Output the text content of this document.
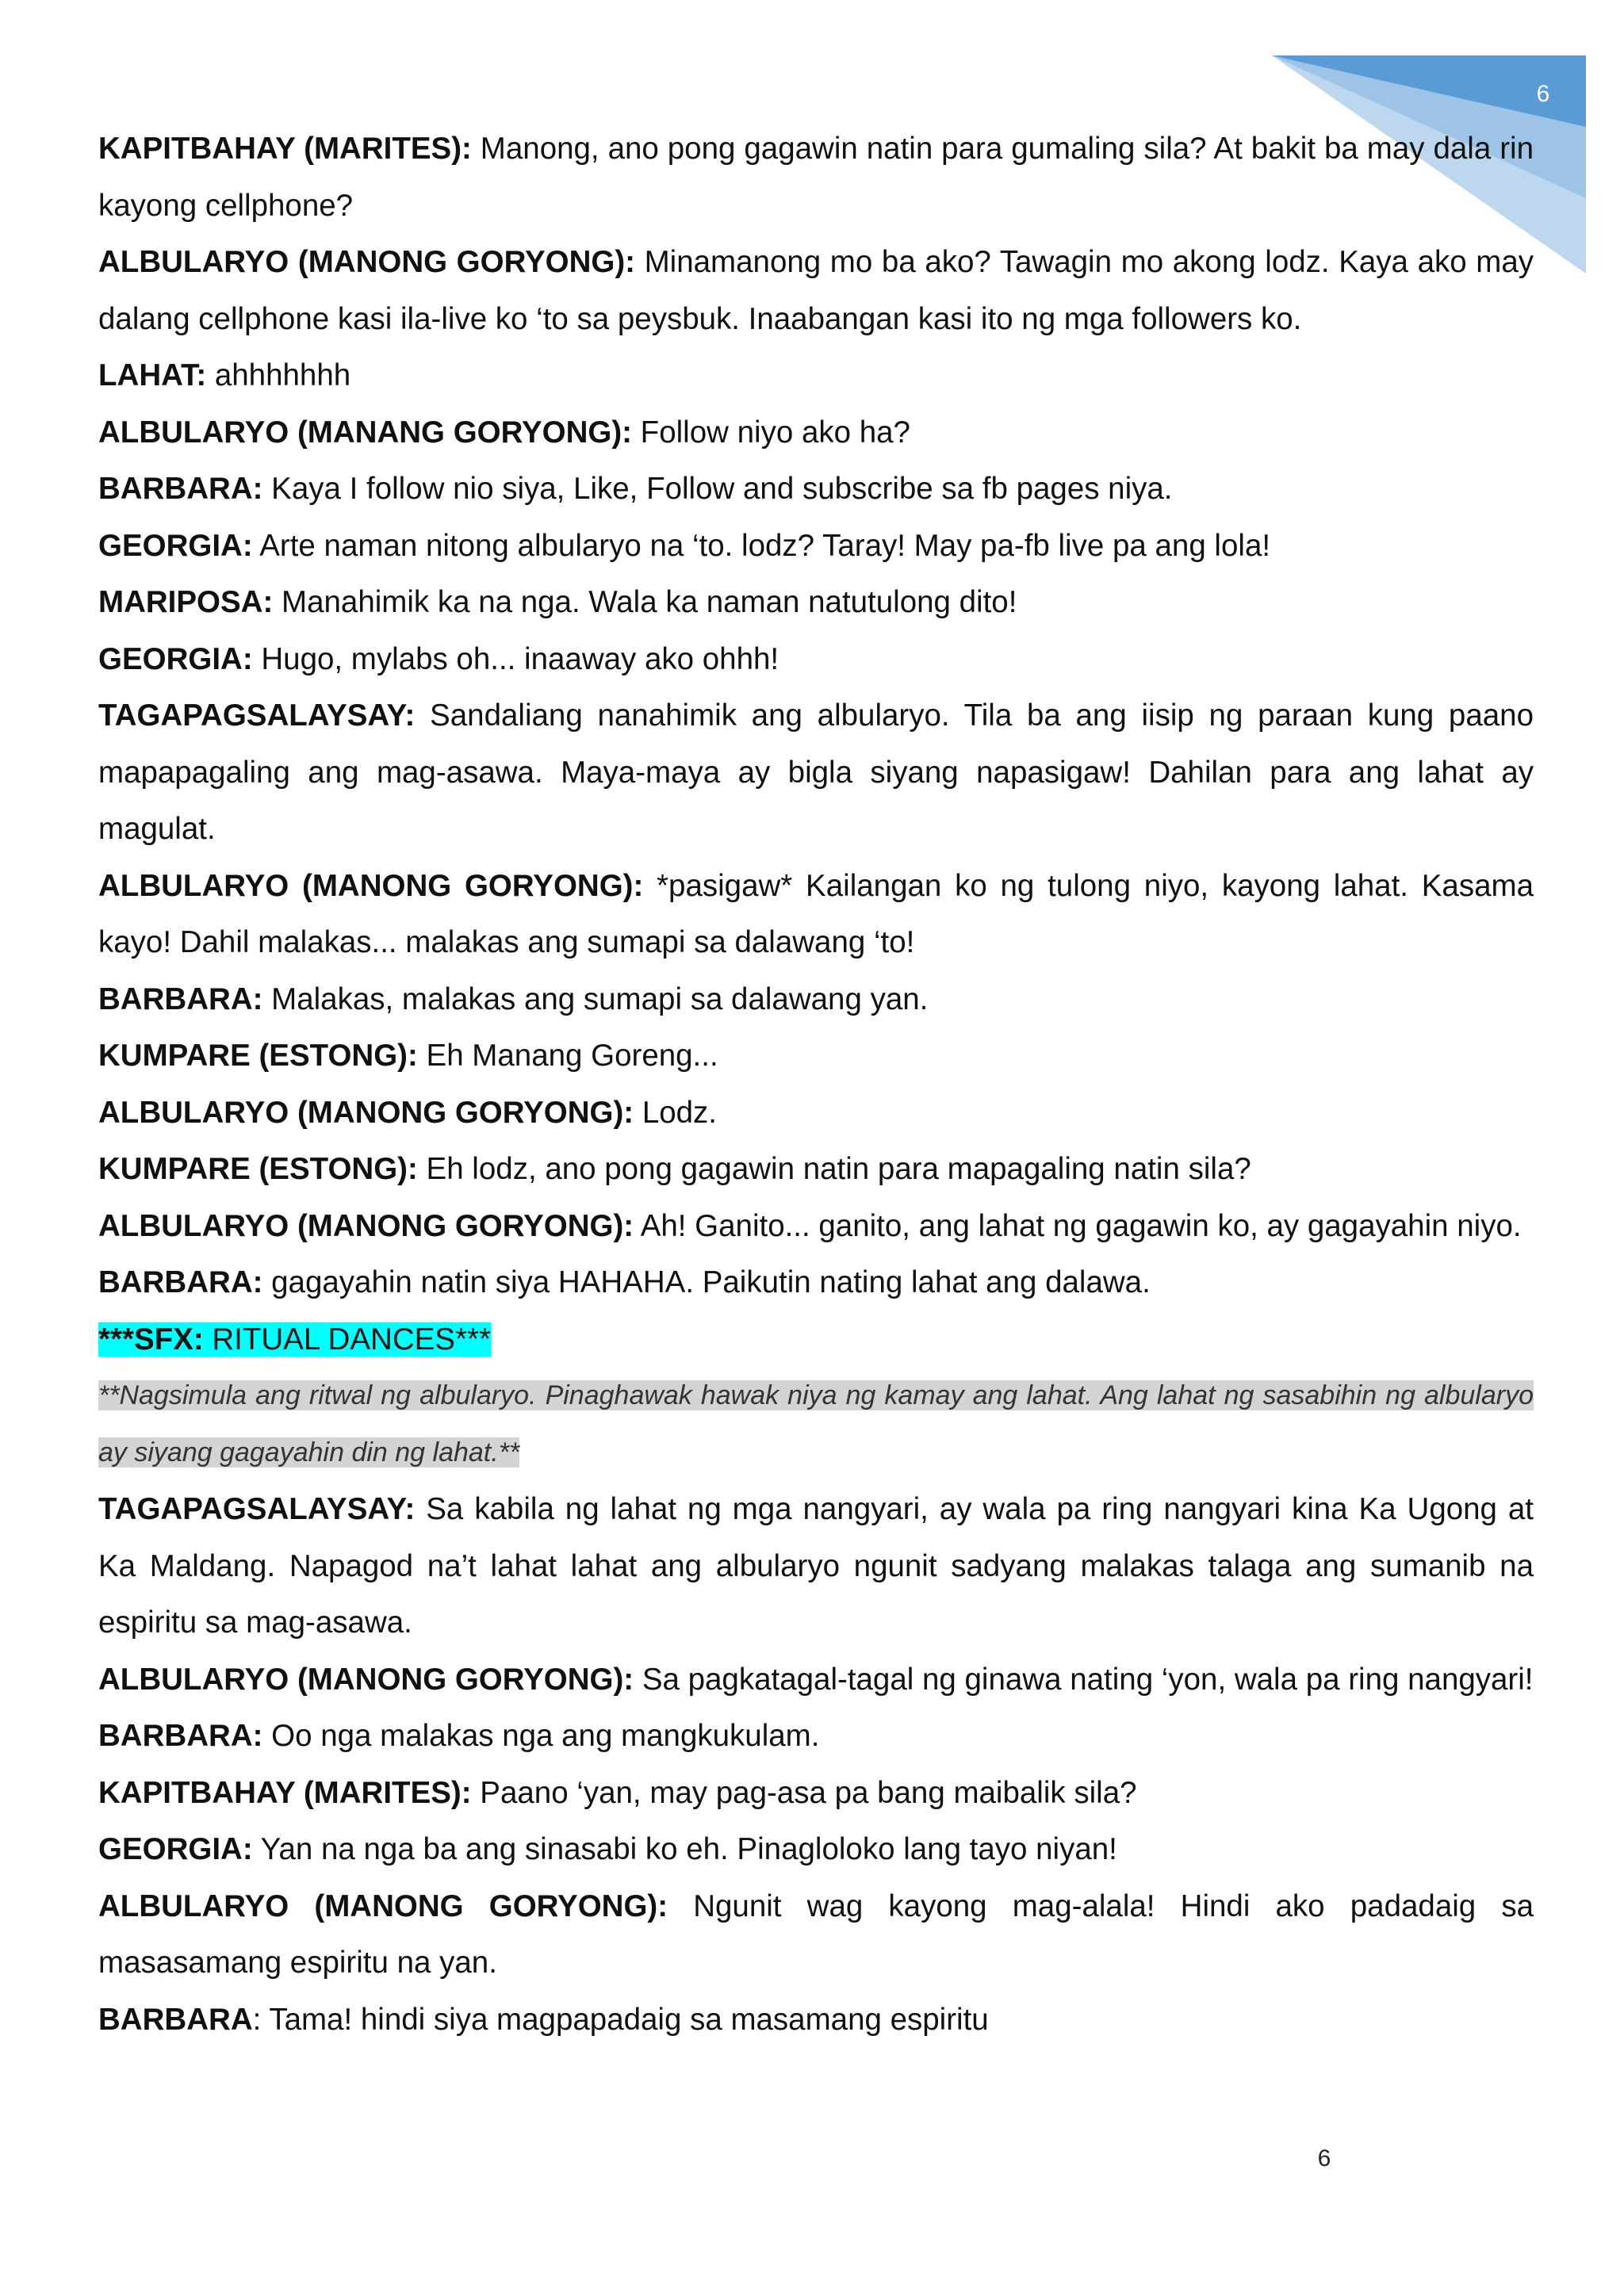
6

KAPITBAHAY (MARITES): Manong, ano pong gagawin natin para gumaling sila? At bakit ba may dala rin kayong cellphone?

ALBULARYO (MANONG GORYONG): Minamanong mo ba ako? Tawagin mo akong lodz. Kaya ako may dalang cellphone kasi ila-live ko ‘to sa peysbuk. Inaabangan kasi ito ng mga followers ko.

LAHAT: ahhhhhhh

ALBULARYO (MANANG GORYONG): Follow niyo ako ha?

BARBARA: Kaya I follow nio siya, Like, Follow and subscribe sa fb pages niya.

GEORGIA: Arte naman nitong albularyo na ‘to. lodz? Taray! May pa-fb live pa ang lola!

MARIPOSA: Manahimik ka na nga. Wala ka naman natutulong dito!

GEORGIA: Hugo, mylabs oh... inaaway ako ohhh!

TAGAPAGSALAYSAY: Sandaliang nanahimik ang albularyo. Tila ba ang iisip ng paraan kung paano mapapagaling ang mag-asawa. Maya-maya ay bigla siyang napasigaw! Dahilan para ang lahat ay magulat.

ALBULARYO (MANONG GORYONG): *pasigaw* Kailangan ko ng tulong niyo, kayong lahat. Kasama kayo! Dahil malakas... malakas ang sumapi sa dalawang ‘to!

BARBARA: Malakas, malakas ang sumapi sa dalawang yan.

KUMPARE (ESTONG): Eh Manang Goreng...

ALBULARYO (MANONG GORYONG): Lodz.

KUMPARE (ESTONG): Eh lodz, ano pong gagawin natin para mapagaling natin sila?

ALBULARYO (MANONG GORYONG): Ah! Ganito... ganito, ang lahat ng gagawin ko, ay gagayahin niyo.

BARBARA: gagayahin natin siya HAHAHA. Paikutin nating lahat ang dalawa.

***SFX: RITUAL DANCES***

**Nagsimula ang ritwal ng albularyo. Pinaghawak hawak niya ng kamay ang lahat. Ang lahat ng sasabihin ng albularyo ay siyang gagayahin din ng lahat.**

TAGAPAGSALAYSAY: Sa kabila ng lahat ng mga nangyari, ay wala pa ring nangyari kina Ka Ugong at Ka Maldang. Napagod na’t lahat lahat ang albularyo ngunit sadyang malakas talaga ang sumanib na espiritu sa mag-asawa.

ALBULARYO (MANONG GORYONG): Sa pagkatagal-tagal ng ginawa nating ‘yon, wala pa ring nangyari!

BARBARA: Oo nga malakas nga ang mangkukulam.

KAPITBAHAY (MARITES): Paano ‘yan, may pag-asa pa bang maibalik sila?

GEORGIA: Yan na nga ba ang sinasabi ko eh. Pinagloloko lang tayo niyan!

ALBULARYO (MANONG GORYONG): Ngunit wag kayong mag-alala! Hindi ako padadaig sa masasamang espiritu na yan.

BARBARA: Tama! hindi siya magpapadaig sa masamang espiritu

6
